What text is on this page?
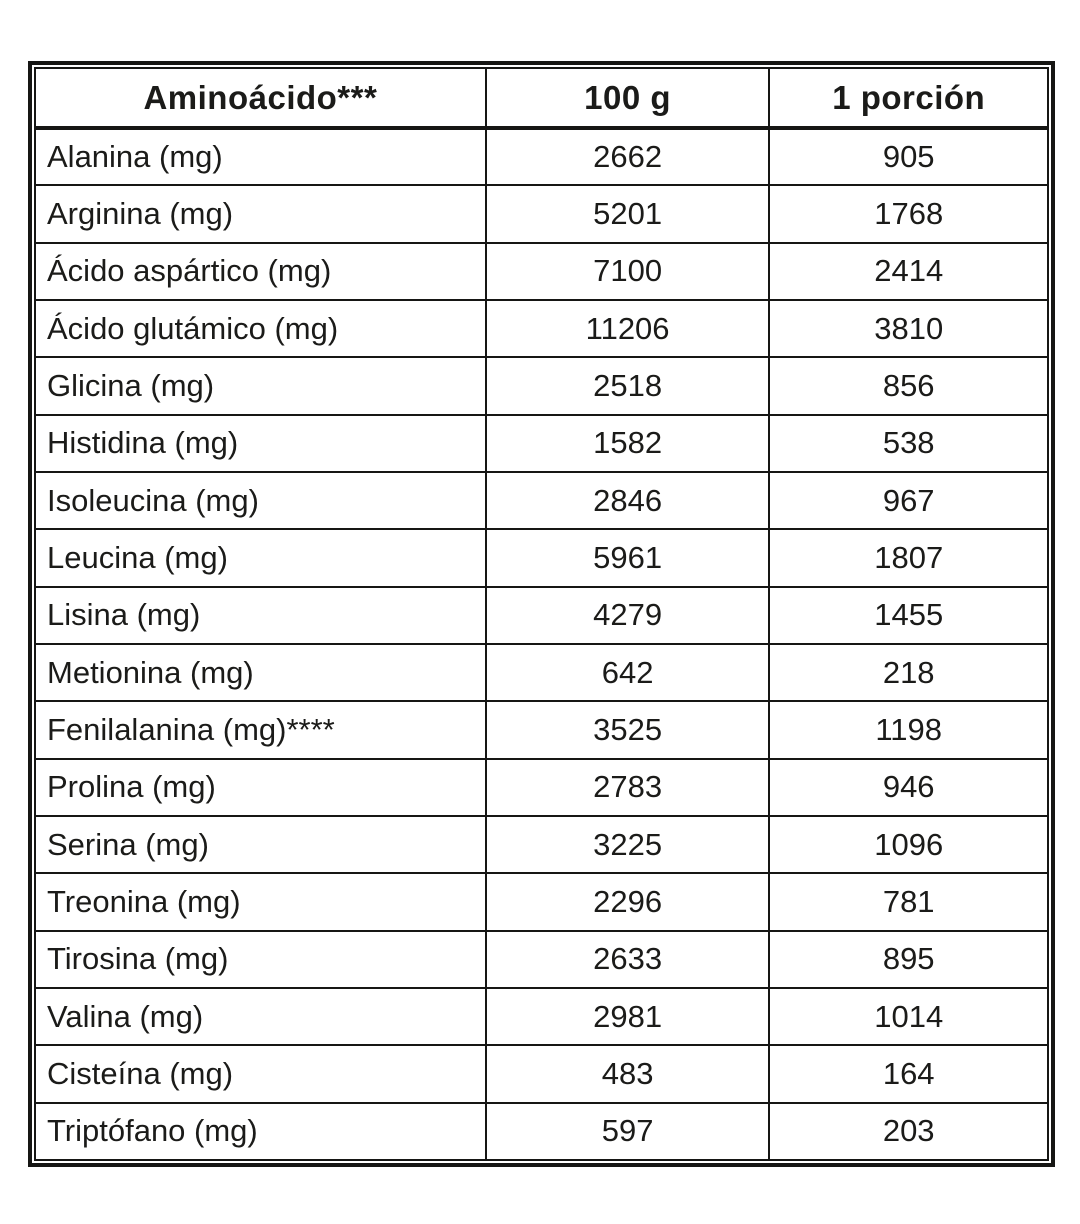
Aminoácido***	100 g	1 porción
Alanina (mg)	2662	905
Arginina (mg)	5201	1768
Ácido aspártico (mg)	7100	2414
Ácido glutámico (mg)	11206	3810
Glicina (mg)	2518	856
Histidina (mg)	1582	538
Isoleucina (mg)	2846	967
Leucina (mg)	5961	1807
Lisina (mg)	4279	1455
Metionina (mg)	642	218
Fenilalanina (mg)****	3525	1198
Prolina (mg)	2783	946
Serina (mg)	3225	1096
Treonina (mg)	2296	781
Tirosina (mg)	2633	895
Valina (mg)	2981	1014
Cisteína (mg)	483	164
Triptófano (mg)	597	203
